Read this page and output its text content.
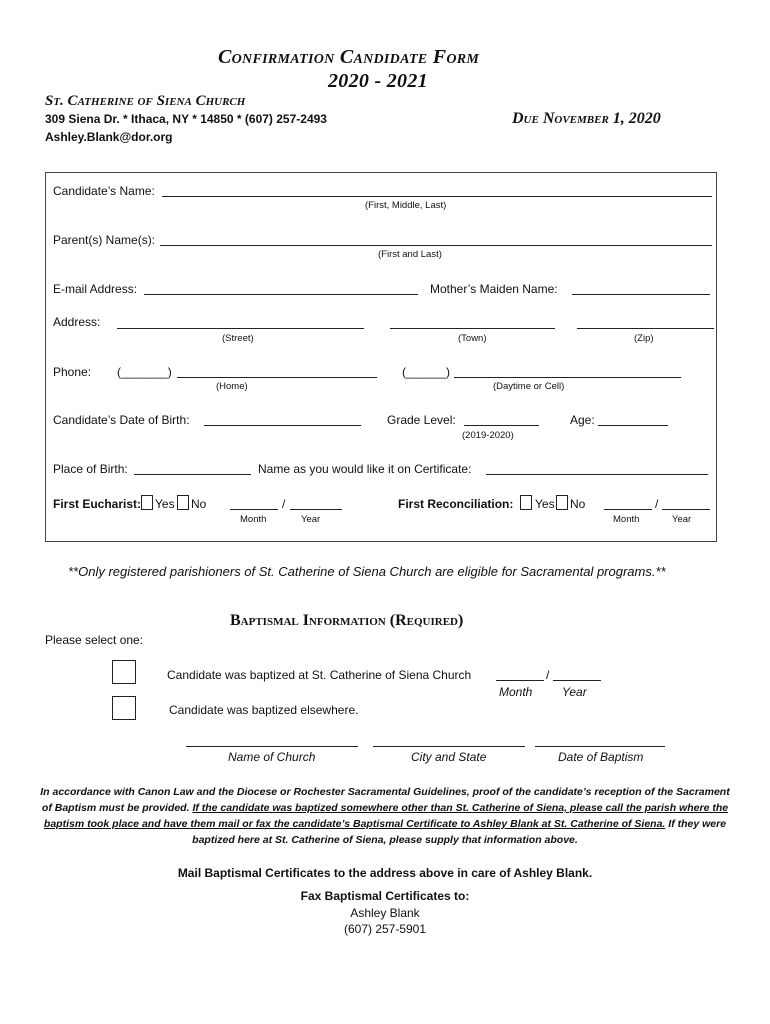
Confirmation Candidate Form
2020 - 2021
St. Catherine of Siena Church
309 Siena Dr. * Ithaca, NY * 14850 * (607) 257-2493
Ashley.Blank@dor.org
Due November 1, 2020
Candidate’s Name:
(First, Middle, Last)
Parent(s) Name(s):
(First and Last)
E-mail Address:	Mother’s Maiden Name:
Address:
(Street)	(Town)	(Zip)
Phone: (_______)	(______)
(Home)	(Daytime or Cell)
Candidate’s Date of Birth:	Grade Level:
(2019-2020)
Age:
Place of Birth:	Name as you would like it on Certificate:
First Eucharist: Yes No	/
Month	Year
First Reconciliation: Yes No	/
Month	Year
**Only registered parishioners of St. Catherine of Siena Church are eligible for Sacramental programs.**
Baptismal Information (Required)
Please select one:
Candidate was baptized at St. Catherine of Siena Church	/
Month Year
Candidate was baptized elsewhere.
Name of Church	City and State	Date of Baptism
In accordance with Canon Law and the Diocese or Rochester Sacramental Guidelines, proof of the candidate’s reception of the Sacrament of Baptism must be provided. If the candidate was baptized somewhere other than St. Catherine of Siena, please call the parish where the baptism took place and have them mail or fax the candidate’s Baptismal Certificate to Ashley Blank at St. Catherine of Siena. If they were baptized here at St. Catherine of Siena, please supply that information above.
Mail Baptismal Certificates to the address above in care of Ashley Blank.
Fax Baptismal Certificates to:
Ashley Blank
(607) 257-5901
